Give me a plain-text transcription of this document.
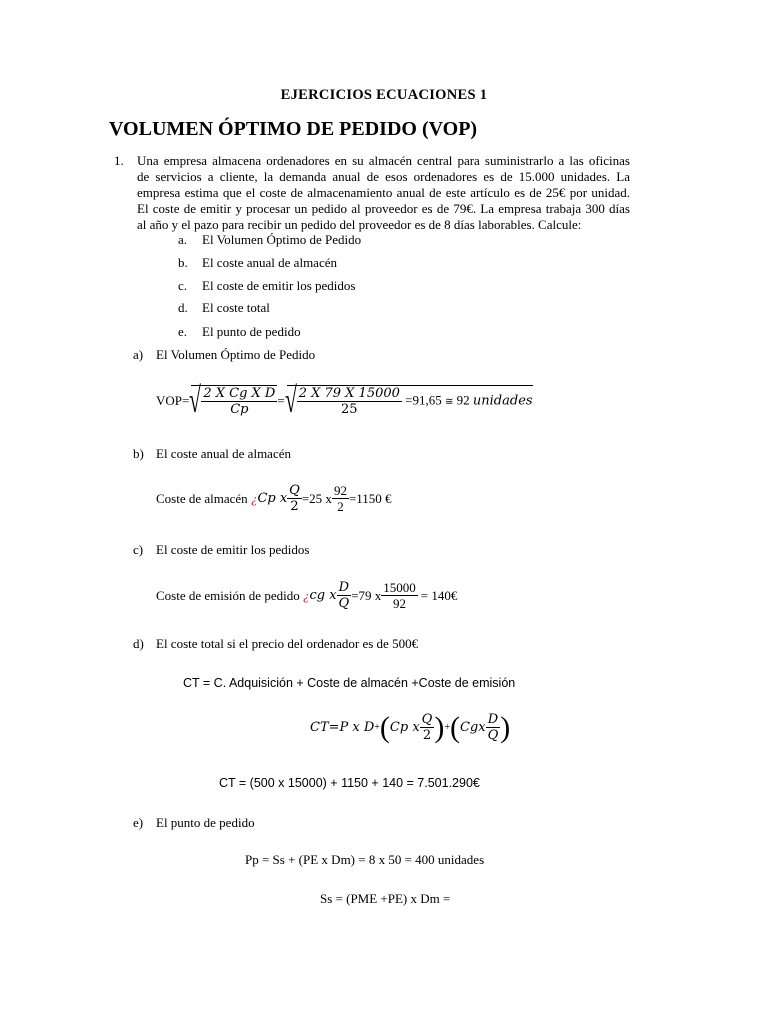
EJERCICIOS ECUACIONES 1
VOLUMEN ÓPTIMO DE PEDIDO (VOP)
1. Una empresa almacena ordenadores en su almacén central para suministrarlo a las oficinas
de servicios a cliente, la demanda anual de esos ordenadores es de 15.000 unidades. La
empresa estima que el coste de almacenamiento anual de este artículo es de 25€ por unidad.
El coste de emitir y procesar un pedido al proveedor es de 79€. La empresa trabaja 300 días
al año y el pazo para recibir un pedido del proveedor es de 8 días laborables. Calcule:
a. El Volumen Óptimo de Pedido
b. El coste anual de almacén
c. El coste de emitir los pedidos
d. El coste total
e. El punto de pedido
a) El Volumen Óptimo de Pedido
VOP= √ $\frac{\text{2 X Cg X D}}{Cp}$ = √ $\frac{2 X 79 X 15000}{25} =91,65$ ≅ 92 unidades
b) El coste anual de almacén
Coste de almacén ¿ Cp x $\frac{Q}{2} =25$ x $\frac{92}{2} =1150$ €
c) El coste de emitir los pedidos
Coste de emisión de pedido ¿ cg x $\frac{D}{Q} =79$ x $\frac{15000}{92}$ = 140€
d) El coste total si el precio del ordenador es de 500€
CT = C. Adquisición + Coste de almacén +Coste de emisión
CT=P x D + ( Cp x $\frac{Q}{2}$ ) + ( Cgx $\frac{D}{Q}$ )
CT = (500 x 15000) + 1150 + 140 = 7.501.290€
e) El punto de pedido
Pp = Ss + (PE x Dm) = 8 x 50 = 400 unidades
Ss = (PME +PE) x Dm =
